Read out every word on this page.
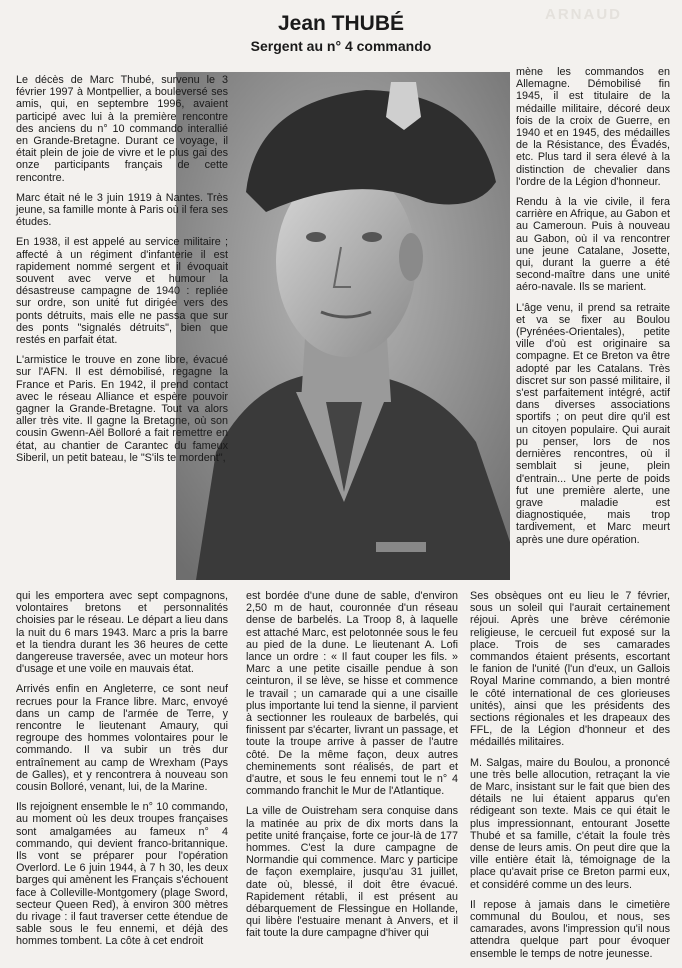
ARNAUD
Jean THUBÉ
Sergent au n° 4 commando

Le décès de Marc Thubé, survenu le 3 février 1997 à Montpellier, a bouleversé ses amis, qui, en septembre 1996, avaient participé avec lui à la première rencontre des anciens du n° 10 commando interallié en Grande-Bretagne. Durant ce voyage, il était plein de joie de vivre et le plus gai des onze participants français de cette rencontre.

Marc était né le 3 juin 1919 à Nantes. Très jeune, sa famille monte à Paris où il fera ses études.

En 1938, il est appelé au service militaire ; affecté à un régiment d'infanterie il est rapidement nommé sergent et il évoquait souvent avec verve et humour la désastreuse campagne de 1940 : repliée sur ordre, son unité fut dirigée vers des ponts détruits, mais elle ne passa que sur des ponts "signalés détruits", bien que restés en parfait état.

L'armistice le trouve en zone libre, évacué sur l'AFN. Il est démobilisé, regagne la France et Paris. En 1942, il prend contact avec le réseau Alliance et espère pouvoir gagner la Grande-Bretagne. Tout va alors aller très vite. Il gagne la Bretagne, où son cousin Gwenn-Aël Bolloré a fait remettre en état, au chantier de Carantec du fameux Siberil, un petit bateau, le "S'ils te mordent",

qui les emportera avec sept compagnons, volontaires bretons et personnalités choisies par le réseau. Le départ a lieu dans la nuit du 6 mars 1943. Marc a pris la barre et la tiendra durant les 36 heures de cette dangereuse traversée, avec un moteur hors d'usage et une voile en mauvais état.

Arrivés enfin en Angleterre, ce sont neuf recrues pour la France libre. Marc, envoyé dans un camp de l'armée de Terre, y rencontre le lieutenant Amaury, qui regroupe des hommes volontaires pour le commando. Il va subir un très dur entraînement au camp de Wrexham (Pays de Galles), et y rencontrera à nouveau son cousin Bolloré, venant, lui, de la Marine.

Ils rejoignent ensemble le n° 10 commando, au moment où les deux troupes françaises sont amalgamées au fameux n° 4 commando, qui devient franco-britannique. Ils vont se préparer pour l'opération Overlord. Le 6 juin 1944, à 7 h 30, les deux barges qui amènent les Français s'échouent face à Colleville-Montgomery (plage Sword, secteur Queen Red), à environ 300 mètres du rivage : il faut traverser cette étendue de sable sous le feu ennemi, et déjà des hommes tombent. La côte à cet endroit

est bordée d'une dune de sable, d'environ 2,50 m de haut, couronnée d'un réseau dense de barbelés. La Troop 8, à laquelle est attaché Marc, est pelotonnée sous le feu au pied de la dune. Le lieutenant A. Lofi lance un ordre : « Il faut couper les fils. » Marc a une petite cisaille pendue à son ceinturon, il se lève, se hisse et commence le travail ; un camarade qui a une cisaille plus importante lui tend la sienne, il parvient à sectionner les rouleaux de barbelés, qui finissent par s'écarter, livrant un passage, et toute la troupe arrive à passer de l'autre côté. De la même façon, deux autres cheminements sont réalisés, de part et d'autre, et sous le feu ennemi tout le n° 4 commando franchit le Mur de l'Atlantique.

La ville de Ouistreham sera conquise dans la matinée au prix de dix morts dans la petite unité française, forte ce jour-là de 177 hommes. C'est la dure campagne de Normandie qui commence. Marc y participe de façon exemplaire, jusqu'au 31 juillet, date où, blessé, il doit être évacué. Rapidement rétabli, il est présent au débarquement de Flessingue en Hollande, qui libère l'estuaire menant à Anvers, et il fait toute la dure campagne d'hiver qui

mène les commandos en Allemagne. Démobilisé fin 1945, il est titulaire de la médaille militaire, décoré deux fois de la croix de Guerre, en 1940 et en 1945, des médailles de la Résistance, des Évadés, etc. Plus tard il sera élevé à la distinction de chevalier dans l'ordre de la Légion d'honneur.

Rendu à la vie civile, il fera carrière en Afrique, au Gabon et au Cameroun. Puis à nouveau au Gabon, où il va rencontrer une jeune Catalane, Josette, qui, durant la guerre a été second-maître dans une unité aéro-navale. Ils se marient.

L'âge venu, il prend sa retraite et va se fixer au Boulou (Pyrénées-Orientales), petite ville d'où est originaire sa compagne. Et ce Breton va être adopté par les Catalans. Très discret sur son passé militaire, il s'est parfaitement intégré, actif dans diverses associations sportifs ; on peut dire qu'il est un citoyen populaire. Qui aurait pu penser, lors de nos dernières rencontres, où il semblait si jeune, plein d'entrain... Une perte de poids fut une première alerte, une grave maladie est diagnostiquée, mais trop tardivement, et Marc meurt après une dure opération.

Ses obsèques ont eu lieu le 7 février, sous un soleil qui l'aurait certainement réjoui. Après une brève cérémonie religieuse, le cercueil fut exposé sur la place. Trois de ses camarades commandos étaient présents, escortant le fanion de l'unité (l'un d'eux, un Gallois Royal Marine commando, a bien montré le côté international de ces glorieuses unités), ainsi que les présidents des sections régionales et les drapeaux des FFL, de la Légion d'honneur et des médaillés militaires.

M. Salgas, maire du Boulou, a prononcé une très belle allocution, retraçant la vie de Marc, insistant sur le fait que bien des détails ne lui étaient apparus qu'en rédigeant son texte. Mais ce qui était le plus impressionnant, entourant Josette Thubé et sa famille, c'était la foule très dense de leurs amis. On peut dire que la ville entière était là, témoignage de la place qu'avait prise ce Breton parmi eux, et considéré comme un des leurs.

Il repose à jamais dans le cimetière communal du Boulou, et nous, ses camarades, avons l'impression qu'il nous attendra quelque part pour évoquer ensemble le temps de notre jeunesse.
